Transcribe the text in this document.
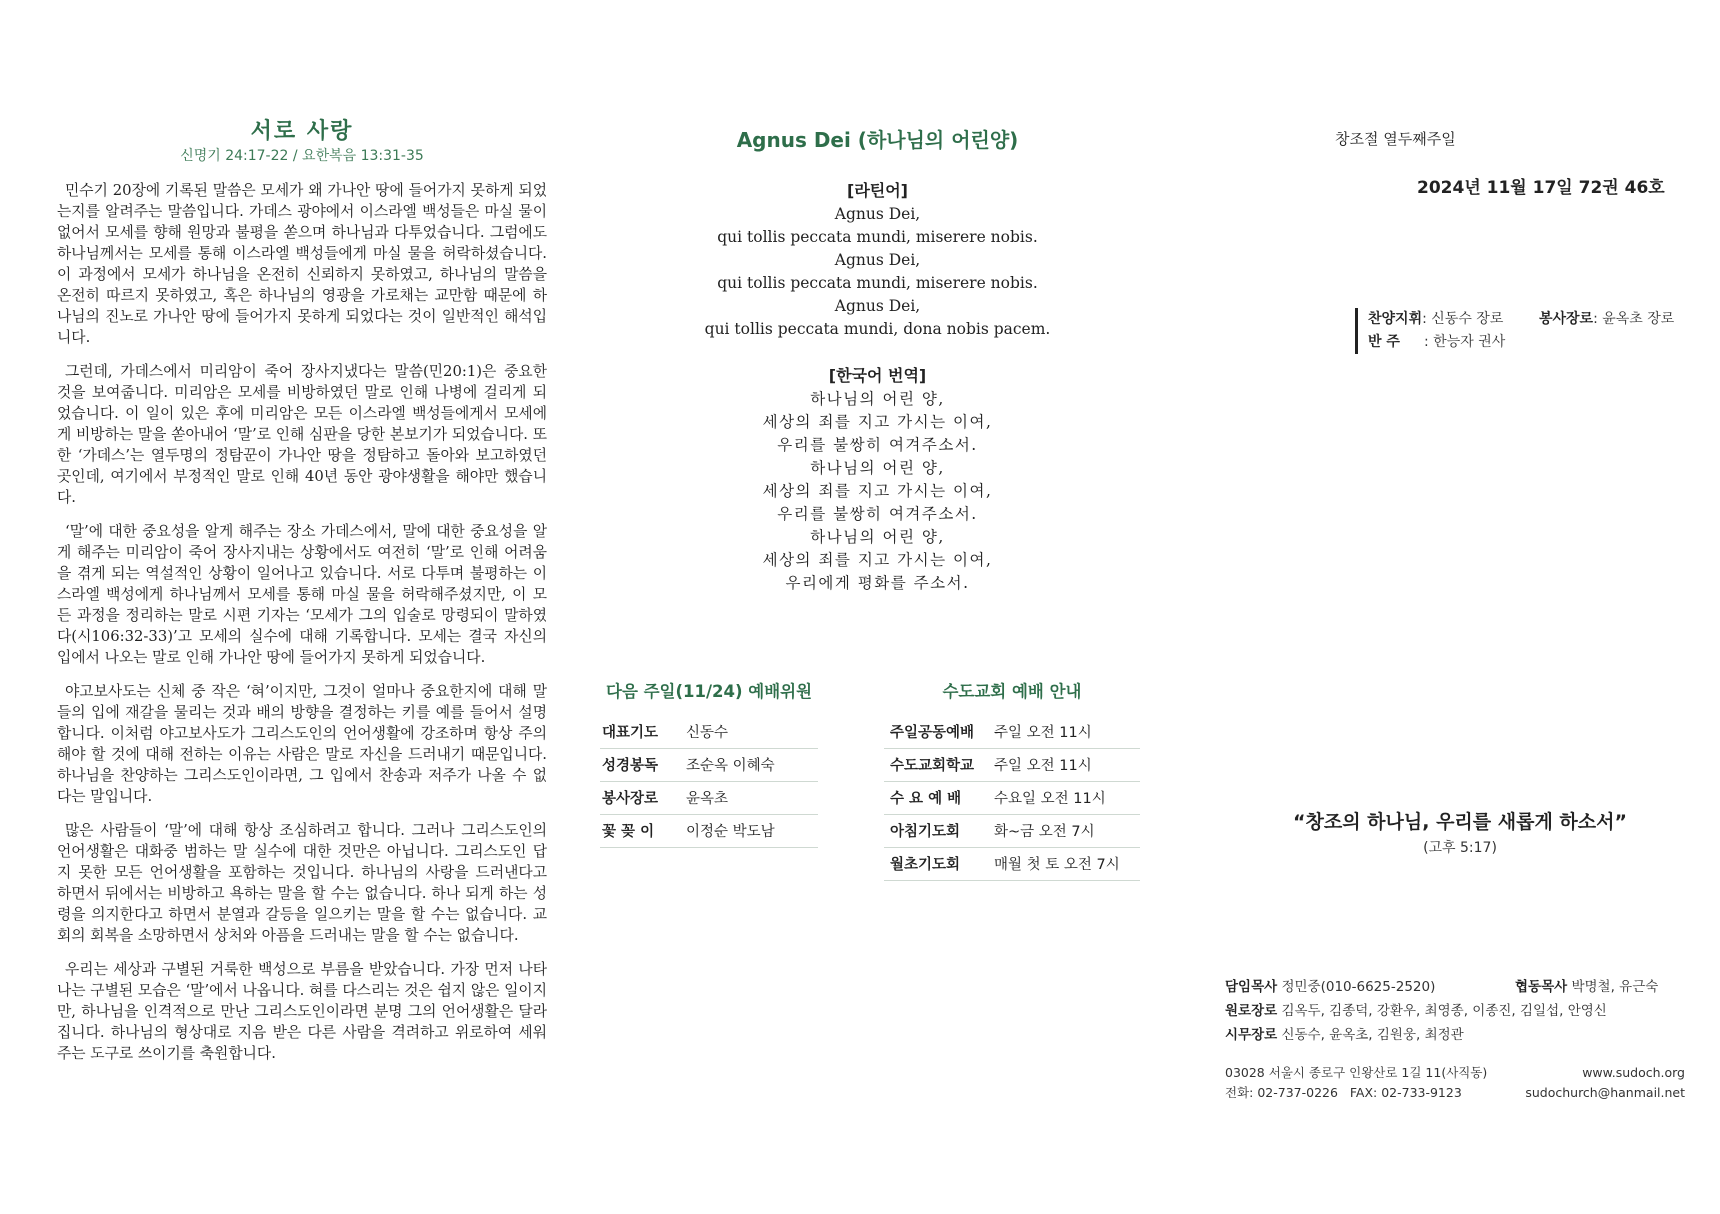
서로 사랑
신명기 24:17-22 / 요한복음 13:31-35

민수기 20장에 기록된 말씀은 모세가 왜 가나안 땅에 들어가지 못하게 되었는지를 알려주는 말씀입니다. 가데스 광야에서 이스라엘 백성들은 마실 물이 없어서 모세를 향해 원망과 불평을 쏟으며 하나님과 다투었습니다. 그럼에도 하나님께서는 모세를 통해 이스라엘 백성들에게 마실 물을 허락하셨습니다. 이 과정에서 모세가 하나님을 온전히 신뢰하지 못하였고, 하나님의 말씀을 온전히 따르지 못하였고, 혹은 하나님의 영광을 가로채는 교만함 때문에 하나님의 진노로 가나안 땅에 들어가지 못하게 되었다는 것이 일반적인 해석입니다.

그런데, 가데스에서 미리암이 죽어 장사지냈다는 말씀(민20:1)은 중요한 것을 보여줍니다. 미리암은 모세를 비방하였던 말로 인해 나병에 걸리게 되었습니다. 이 일이 있은 후에 미리암은 모든 이스라엘 백성들에게서 모세에게 비방하는 말을 쏟아내어 ‘말’로 인해 심판을 당한 본보기가 되었습니다. 또한 ‘가데스’는 열두명의 정탐꾼이 가나안 땅을 정탐하고 돌아와 보고하였던 곳인데, 여기에서 부정적인 말로 인해 40년 동안 광야생활을 해야만 했습니다.

‘말’에 대한 중요성을 알게 해주는 장소 가데스에서, 말에 대한 중요성을 알게 해주는 미리암이 죽어 장사지내는 상황에서도 여전히 ‘말’로 인해 어려움을 겪게 되는 역설적인 상황이 일어나고 있습니다. 서로 다투며 불평하는 이스라엘 백성에게 하나님께서 모세를 통해 마실 물을 허락해주셨지만, 이 모든 과정을 정리하는 말로 시편 기자는 ‘모세가 그의 입술로 망령되이 말하였다(시106:32-33)’고 모세의 실수에 대해 기록합니다. 모세는 결국 자신의 입에서 나오는 말로 인해 가나안 땅에 들어가지 못하게 되었습니다.

야고보사도는 신체 중 작은 ‘혀’이지만, 그것이 얼마나 중요한지에 대해 말들의 입에 재갈을 물리는 것과 배의 방향을 결정하는 키를 예를 들어서 설명합니다. 이처럼 야고보사도가 그리스도인의 언어생활에 강조하며 항상 주의해야 할 것에 대해 전하는 이유는 사람은 말로 자신을 드러내기 때문입니다. 하나님을 찬양하는 그리스도인이라면, 그 입에서 찬송과 저주가 나올 수 없다는 말입니다.

많은 사람들이 ‘말’에 대해 항상 조심하려고 합니다. 그러나 그리스도인의 언어생활은 대화중 범하는 말 실수에 대한 것만은 아닙니다. 그리스도인 답지 못한 모든 언어생활을 포함하는 것입니다. 하나님의 사랑을 드러낸다고 하면서 뒤에서는 비방하고 욕하는 말을 할 수는 없습니다. 하나 되게 하는 성령을 의지한다고 하면서 분열과 갈등을 일으키는 말을 할 수는 없습니다. 교회의 회복을 소망하면서 상처와 아픔을 드러내는 말을 할 수는 없습니다.

우리는 세상과 구별된 거룩한 백성으로 부름을 받았습니다. 가장 먼저 나타나는 구별된 모습은 ‘말’에서 나옵니다. 혀를 다스리는 것은 쉽지 않은 일이지만, 하나님을 인격적으로 만난 그리스도인이라면 분명 그의 언어생활은 달라집니다. 하나님의 형상대로 지음 받은 다른 사람을 격려하고 위로하여 세워주는 도구로 쓰이기를 축원합니다.

Agnus Dei (하나님의 어린양)
[라틴어]
Agnus Dei,
qui tollis peccata mundi, miserere nobis.
Agnus Dei,
qui tollis peccata mundi, miserere nobis.
Agnus Dei,
qui tollis peccata mundi, dona nobis pacem.
[한국어 번역]
하나님의 어린 양,
세상의 죄를 지고 가시는 이여,
우리를 불쌍히 여겨주소서.
하나님의 어린 양,
세상의 죄를 지고 가시는 이여,
우리를 불쌍히 여겨주소서.
하나님의 어린 양,
세상의 죄를 지고 가시는 이여,
우리에게 평화를 주소서.
다음 주일(11/24) 예배위원
대표기도	신동수
성경봉독	조순옥 이혜숙
봉사장로	윤옥초
꽃 꽂 이	이정순 박도남
수도교회 예배 안내
주일공동예배	주일 오전 11시
수도교회학교	주일 오전 11시
수 요 예 배	수요일 오전 11시
아침기도회	화~금 오전 7시
월초기도회	매월 첫 토 오전 7시
창조절 열두째주일
2024년 11월 17일 72권 46호
찬양지휘: 신동수 장로	봉사장로: 윤옥초 장로
반 주 : 한능자 권사
“창조의 하나님, 우리를 새롭게 하소서”
(고후 5:17)
담임목사 정민중(010-6625-2520)	협동목사 박명철, 유근숙
원로장로 김옥두, 김종덕, 강환우, 최영종, 이종진, 김일섭, 안영신
시무장로 신동수, 윤옥초, 김원웅, 최정관
03028 서울시 종로구 인왕산로 1길 11(사직동)	www.sudoch.org
전화: 02-737-0226   FAX: 02-733-9123	sudochurch@hanmail.net
